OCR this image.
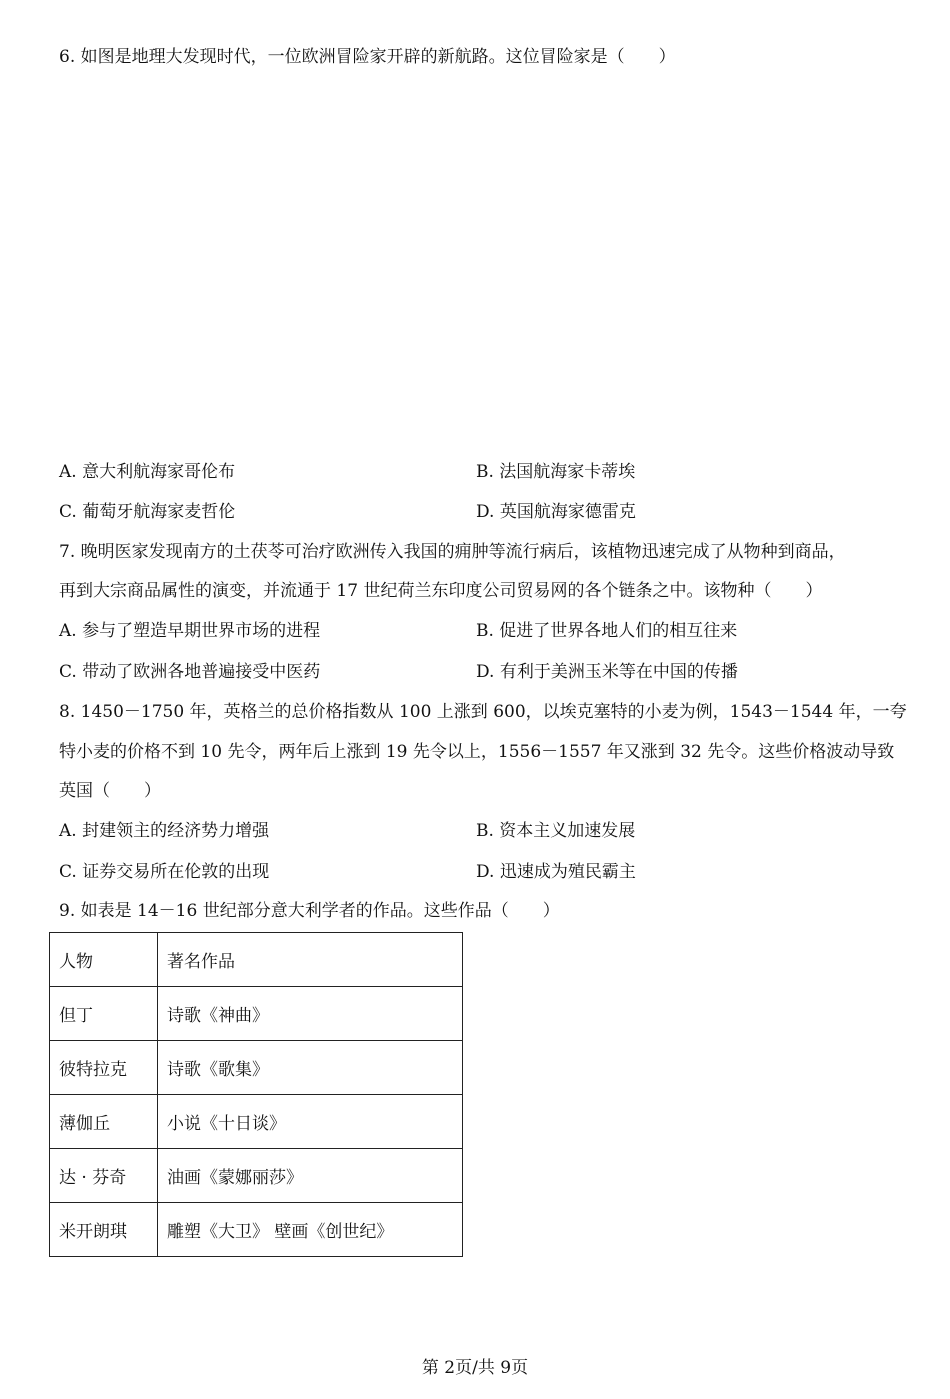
6. 如图是地理大发现时代，一位欧洲冒险家开辟的新航路。这位冒险家是（　　）
A. 意大利航海家哥伦布	B. 法国航海家卡蒂埃
C. 葡萄牙航海家麦哲伦	D. 英国航海家德雷克
7. 晚明医家发现南方的土茯苓可治疗欧洲传入我国的痈肿等流行病后，该植物迅速完成了从物种到商品，
再到大宗商品属性的演变，并流通于 17 世纪荷兰东印度公司贸易网的各个链条之中。该物种（　　）
A. 参与了塑造早期世界市场的进程	B. 促进了世界各地人们的相互往来
C. 带动了欧洲各地普遍接受中医药	D. 有利于美洲玉米等在中国的传播
8. 1450－1750 年，英格兰的总价格指数从 100 上涨到 600，以埃克塞特的小麦为例，1543－1544 年，一夸
特小麦的价格不到 10 先令，两年后上涨到 19 先令以上，1556－1557 年又涨到 32 先令。这些价格波动导致
英国（　　）
A. 封建领主的经济势力增强	B. 资本主义加速发展
C. 证券交易所在伦敦的出现	D. 迅速成为殖民霸主
9. 如表是 14－16 世纪部分意大利学者的作品。这些作品（　　）
人物	著名作品
但丁	诗歌《神曲》
彼特拉克	诗歌《歌集》
薄伽丘	小说《十日谈》
达 · 芬奇	油画《蒙娜丽莎》
米开朗琪	雕塑《大卫》 壁画《创世纪》
第 2页/共 9页
